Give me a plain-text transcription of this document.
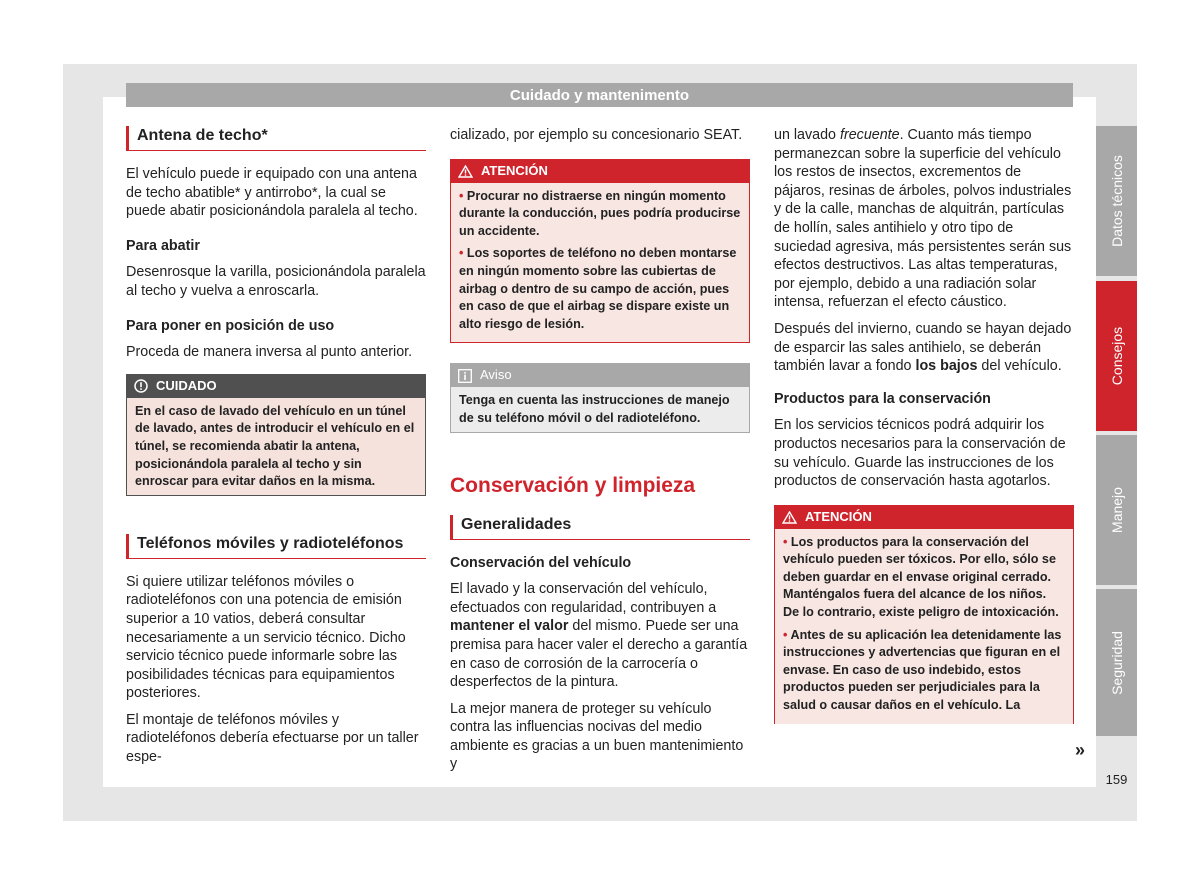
Cuidado y mantenimento
Antena de techo*

El vehículo puede ir equipado con una antena de techo abatible* y antirrobo*, la cual se puede abatir posicionándola paralela al techo.

Para abatir

Desenrosque la varilla, posicionándola paralela al techo y vuelva a enroscarla.

Para poner en posición de uso

Proceda de manera inversa al punto anterior.

CUIDADO
En el caso de lavado del vehículo en un túnel de lavado, antes de introducir el vehículo en el túnel, se recomienda abatir la antena, posicionándola paralela al techo y sin enroscar para evitar daños en la misma.
Teléfonos móviles y radioteléfonos

Si quiere utilizar teléfonos móviles o radioteléfonos con una potencia de emisión superior a 10 vatios, deberá consultar necesariamente a un servicio técnico. Dicho servicio técnico puede informarle sobre las posibilidades técnicas para equipamientos posteriores.

El montaje de teléfonos móviles y radioteléfonos debería efectuarse por un taller espe-

cializado, por ejemplo su concesionario SEAT.

ATENCIÓN

• Procurar no distraerse en ningún momento durante la conducción, pues podría producirse un accidente.

• Los soportes de teléfono no deben montarse en ningún momento sobre las cubiertas de airbag o dentro de su campo de acción, pues en caso de que el airbag se dispare existe un alto riesgo de lesión.

Aviso
Tenga en cuenta las instrucciones de manejo de su teléfono móvil o del radioteléfono.
Conservación y limpieza
Generalidades

Conservación del vehículo

El lavado y la conservación del vehículo, efectuados con regularidad, contribuyen a mantener el valor del mismo. Puede ser una premisa para hacer valer el derecho a garantía en caso de corrosión de la carrocería o desperfectos de la pintura.

La mejor manera de proteger su vehículo contra las influencias nocivas del medio ambiente es gracias a un buen mantenimiento y

un lavado frecuente. Cuanto más tiempo permanezcan sobre la superficie del vehículo los restos de insectos, excrementos de pájaros, resinas de árboles, polvos industriales y de la calle, manchas de alquitrán, partículas de hollín, sales antihielo y otro tipo de suciedad agresiva, más persistentes serán sus efectos destructivos. Las altas temperaturas, por ejemplo, debido a una radiación solar intensa, refuerzan el efecto cáustico.

Después del invierno, cuando se hayan dejado de esparcir las sales antihielo, se deberán también lavar a fondo los bajos del vehículo.

Productos para la conservación

En los servicios técnicos podrá adquirir los productos necesarios para la conservación de su vehículo. Guarde las instrucciones de los productos de conservación hasta agotarlos.

ATENCIÓN

• Los productos para la conservación del vehículo pueden ser tóxicos. Por ello, sólo se deben guardar en el envase original cerrado. Manténgalos fuera del alcance de los niños. De lo contrario, existe peligro de intoxicación.

• Antes de su aplicación lea detenidamente las instrucciones y advertencias que figuran en el envase. En caso de uso indebido, estos productos pueden ser perjudiciales para la salud o causar daños en el vehículo. La

Datos técnicos
Consejos
Manejo
Seguridad
»
159
